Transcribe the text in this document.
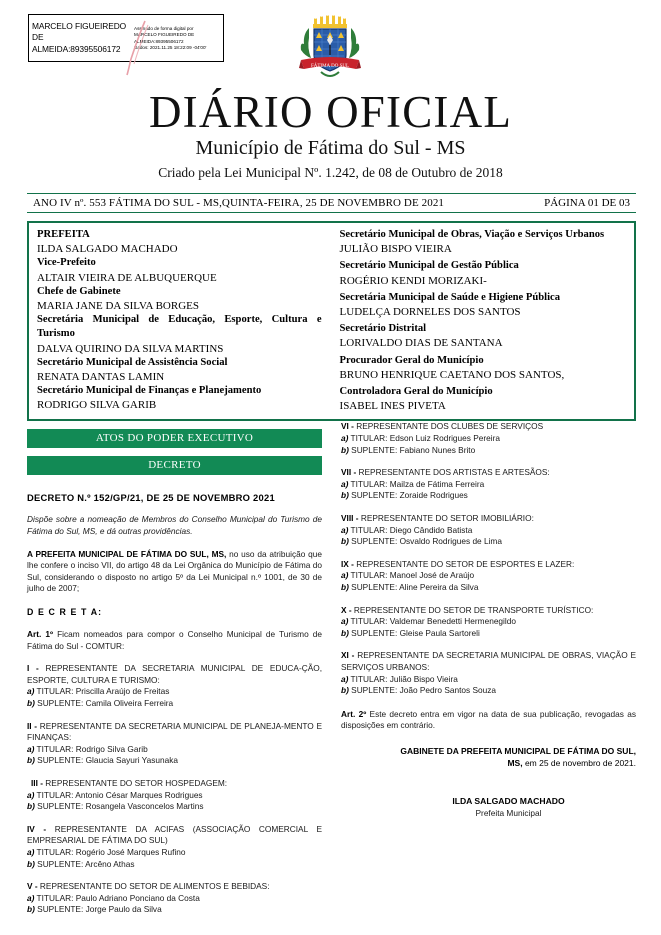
MARCELO FIGUEIREDO
DE
ALMEIDA:89395506172
Assinado de forma digital por
MARCELO FIGUEIREDO DE
ALMEIDA:89395506172
Dados: 2021.11.25 18:22:09 -04'00'
FÁTIMA DO SUL
DIÁRIO OFICIAL
Município de Fátima do Sul - MS

Criado pela Lei Municipal Nº. 1.242, de 08 de Outubro de 2018

ANO IV nº. 553 FÁTIMA DO SUL - MS,QUINTA-FEIRA, 25 DE NOVEMBRO DE 2021	PÁGINA 01 DE 03
PREFEITA
ILDA SALGADO MACHADO
Vice-Prefeito
ALTAIR VIEIRA DE ALBUQUERQUE
Chefe de Gabinete
MARIA JANE DA SILVA BORGES
Secretária Municipal de Educação, Esporte, Cultura e Turismo
DALVA QUIRINO DA SILVA MARTINS
Secretário Municipal de Assistência Social
RENATA DANTAS LAMIN
Secretário Municipal de Finanças e Planejamento
RODRIGO SILVA GARIB
Secretário Municipal de Obras, Viação e Serviços Urbanos
JULIÃO BISPO VIEIRA
Secretário Municipal de Gestão Pública
ROGÉRIO KENDI MORIZAKI-
Secretária Municipal de Saúde e Higiene Pública
LUDELÇA DORNELES DOS SANTOS
Secretário Distrital
LORIVALDO DIAS DE SANTANA
Procurador Geral do Município
BRUNO HENRIQUE CAETANO DOS SANTOS,
Controladora Geral do Município
ISABEL INES PIVETA
ATOS DO PODER EXECUTIVO
DECRETO
DECRETO N.º 152/GP/21, DE 25 DE NOVEMBRO 2021
Dispõe sobre a nomeação de Membros do Conselho Municipal do Turismo de Fátima do Sul, MS, e dá outras providências.
A PREFEITA MUNICIPAL DE FÁTIMA DO SUL, MS, no uso da atribuição que lhe confere o inciso VII, do artigo 48 da Lei Orgânica do Município de Fátima do Sul, considerando o disposto no artigo 5º da Lei Municipal n.º 1001, de 30 de julho de 2007;
D E C R E T A:
Art. 1º Ficam nomeados para compor o Conselho Municipal de Turismo de Fátima do Sul - COMTUR:
I - REPRESENTANTE DA SECRETARIA MUNICIPAL DE EDUCA-ÇÃO, ESPORTE, CULTURA E TURISMO:
a) TITULAR: Priscilla Araújo de Freitas
b) SUPLENTE: Camila Oliveira Ferreira
II - REPRESENTANTE DA SECRETARIA MUNICIPAL DE PLANEJA-MENTO E FINANÇAS:
a) TITULAR: Rodrigo Silva Garib
b) SUPLENTE: Glaucia Sayuri Yasunaka
III - REPRESENTANTE DO SETOR HOSPEDAGEM:
a) TITULAR: Antonio César Marques Rodrigues
b) SUPLENTE: Rosangela Vasconcelos Martins
IV - REPRESENTANTE DA ACIFAS (ASSOCIAÇÃO COMERCIAL E EMPRESARIAL DE FÁTIMA DO SUL)
a) TITULAR: Rogério José Marques Rufino
b) SUPLENTE: Arcêno Athas
V - REPRESENTANTE DO SETOR DE ALIMENTOS E BEBIDAS:
a) TITULAR: Paulo Adriano Ponciano da Costa
b) SUPLENTE: Jorge Paulo da Silva
VI - REPRESENTANTE DOS CLUBES DE SERVIÇOS
a) TITULAR: Edson Luiz Rodrigues Pereira
b) SUPLENTE: Fabiano Nunes Brito
VII - REPRESENTANTE DOS ARTISTAS E ARTESÃOS:
a) TITULAR: Mailza de Fátima Ferreira
b) SUPLENTE: Zoraide Rodrigues
VIII - REPRESENTANTE DO SETOR IMOBILIÁRIO:
a) TITULAR: Diego Cândido Batista
b) SUPLENTE: Osvaldo Rodrigues de Lima
IX - REPRESENTANTE DO SETOR DE ESPORTES E LAZER:
a) TITULAR: Manoel José de Araújo
b) SUPLENTE: Aline Pereira da Silva
X - REPRESENTANTE DO SETOR DE TRANSPORTE TURÍSTICO:
a) TITULAR: Valdemar Benedetti Hermenegildo
b) SUPLENTE: Gleise Paula Sartoreli
XI - REPRESENTANTE DA SECRETARIA MUNICIPAL DE OBRAS, VIAÇÃO E SERVIÇOS URBANOS:
a) TITULAR: Julião Bispo Vieira
b) SUPLENTE: João Pedro Santos Souza
Art. 2º Este decreto entra em vigor na data de sua publicação, revogadas as disposições em contrário.
GABINETE DA PREFEITA MUNICIPAL DE FÁTIMA DO SUL,
MS, em 25 de novembro de 2021.
ILDA SALGADO MACHADO
Prefeita Municipal
